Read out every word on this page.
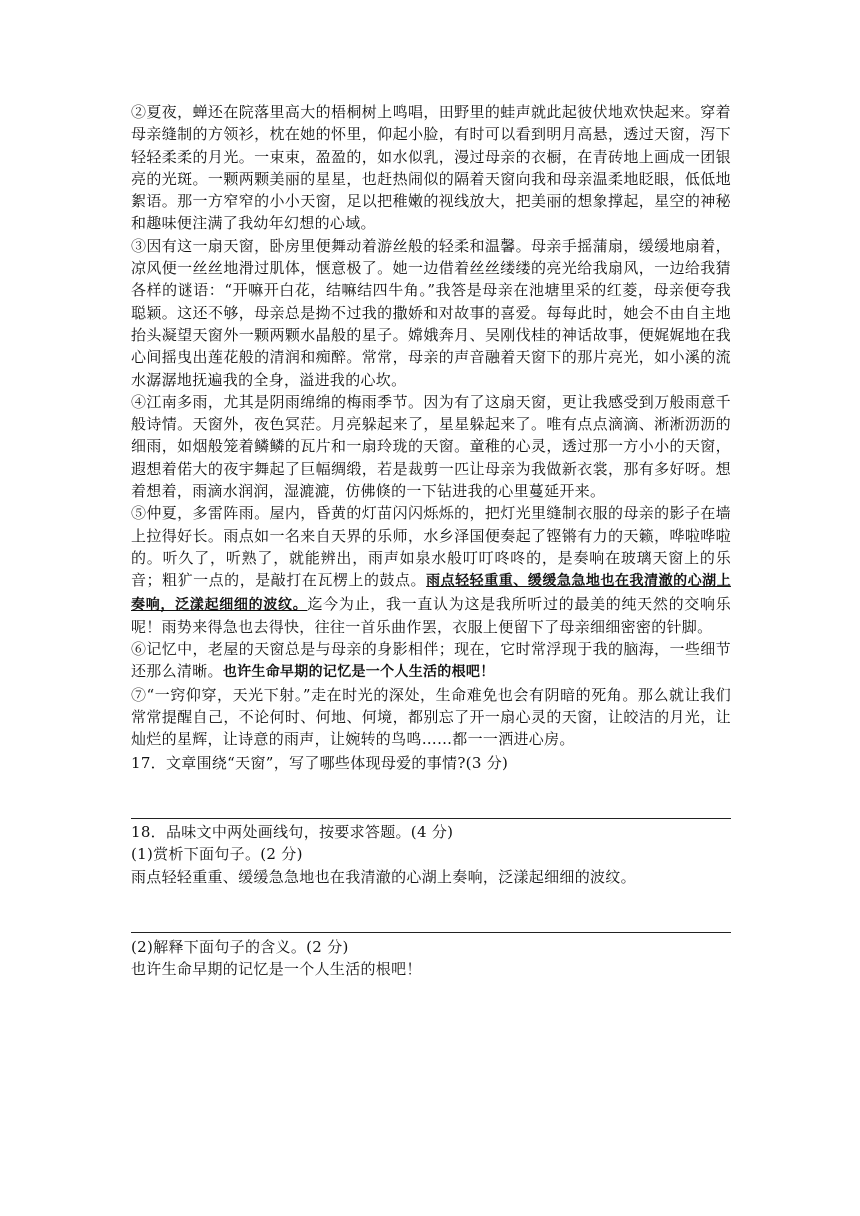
②夏夜，蝉还在院落里高大的梧桐树上鸣唱，田野里的蛙声就此起彼伏地欢快起来。穿着母亲缝制的方领衫，枕在她的怀里，仰起小脸，有时可以看到明月高悬，透过天窗，泻下轻轻柔柔的月光。一束束，盈盈的，如水似乳，漫过母亲的衣橱，在青砖地上画成一团银亮的光斑。一颗两颗美丽的星星，也赶热闹似的隔着天窗向我和母亲温柔地眨眼，低低地絮语。那一方窄窄的小小天窗，足以把稚嫩的视线放大，把美丽的想象撑起，星空的神秘和趣味便注满了我幼年幻想的心域。

③因有这一扇天窗，卧房里便舞动着游丝般的轻柔和温馨。母亲手摇蒲扇，缓缓地扇着，凉风便一丝丝地滑过肌体，惬意极了。她一边借着丝丝缕缕的亮光给我扇风，一边给我猜各样的谜语：“开嘛开白花，结嘛结四牛角。”我答是母亲在池塘里采的红菱，母亲便夸我聪颖。这还不够，母亲总是拗不过我的撒娇和对故事的喜爱。每每此时，她会不由自主地抬头凝望天窗外一颗两颗水晶般的星子。嫦娥奔月、吴刚伐桂的神话故事，便娓娓地在我心间摇曳出莲花般的清润和痴醉。常常，母亲的声音融着天窗下的那片亮光，如小溪的流水潺潺地抚遍我的全身，溢进我的心坎。

④江南多雨，尤其是阴雨绵绵的梅雨季节。因为有了这扇天窗，更让我感受到万般雨意千般诗情。天窗外，夜色冥茫。月亮躲起来了，星星躲起来了。唯有点点滴滴、淅淅沥沥的细雨，如烟般笼着鳞鳞的瓦片和一扇玲珑的天窗。童稚的心灵，透过那一方小小的天窗，遐想着偌大的夜宇舞起了巨幅绸缎，若是裁剪一匹让母亲为我做新衣裳，那有多好呀。想着想着，雨滴水润润，湿漉漉，仿佛倏的一下钻进我的心里蔓延开来。

⑤仲夏，多雷阵雨。屋内，昏黄的灯苗闪闪烁烁的，把灯光里缝制衣服的母亲的影子在墙上拉得好长。雨点如一名来自天界的乐师，水乡泽国便奏起了铿锵有力的天籁，哗啦哗啦的。听久了，听熟了，就能辨出，雨声如泉水般叮叮咚咚的，是奏响在玻璃天窗上的乐音；粗犷一点的，是敲打在瓦楞上的鼓点。雨点轻轻重重、缓缓急急地也在我清澈的心湖上奏响，泛漾起细细的波纹。迄今为止，我一直认为这是我所听过的最美的纯天然的交响乐呢！雨势来得急也去得快，往往一首乐曲作罢，衣服上便留下了母亲细细密密的针脚。

⑥记忆中，老屋的天窗总是与母亲的身影相伴；现在，它时常浮现于我的脑海，一些细节还那么清晰。也许生命早期的记忆是一个人生活的根吧！

⑦“一窍仰穿，天光下射。”走在时光的深处，生命难免也会有阴暗的死角。那么就让我们常常提醒自己，不论何时、何地、何境，都别忘了开一扇心灵的天窗，让皎洁的月光，让灿烂的星辉，让诗意的雨声，让婉转的鸟鸣……都一一洒进心房。

17．文章围绕“天窗”，写了哪些体现母爱的事情?(3 分)

18．品味文中两处画线句，按要求答题。(4 分)

(1)赏析下面句子。(2 分)

雨点轻轻重重、缓缓急急地也在我清澈的心湖上奏响，泛漾起细细的波纹。

(2)解释下面句子的含义。(2 分)

也许生命早期的记忆是一个人生活的根吧！
